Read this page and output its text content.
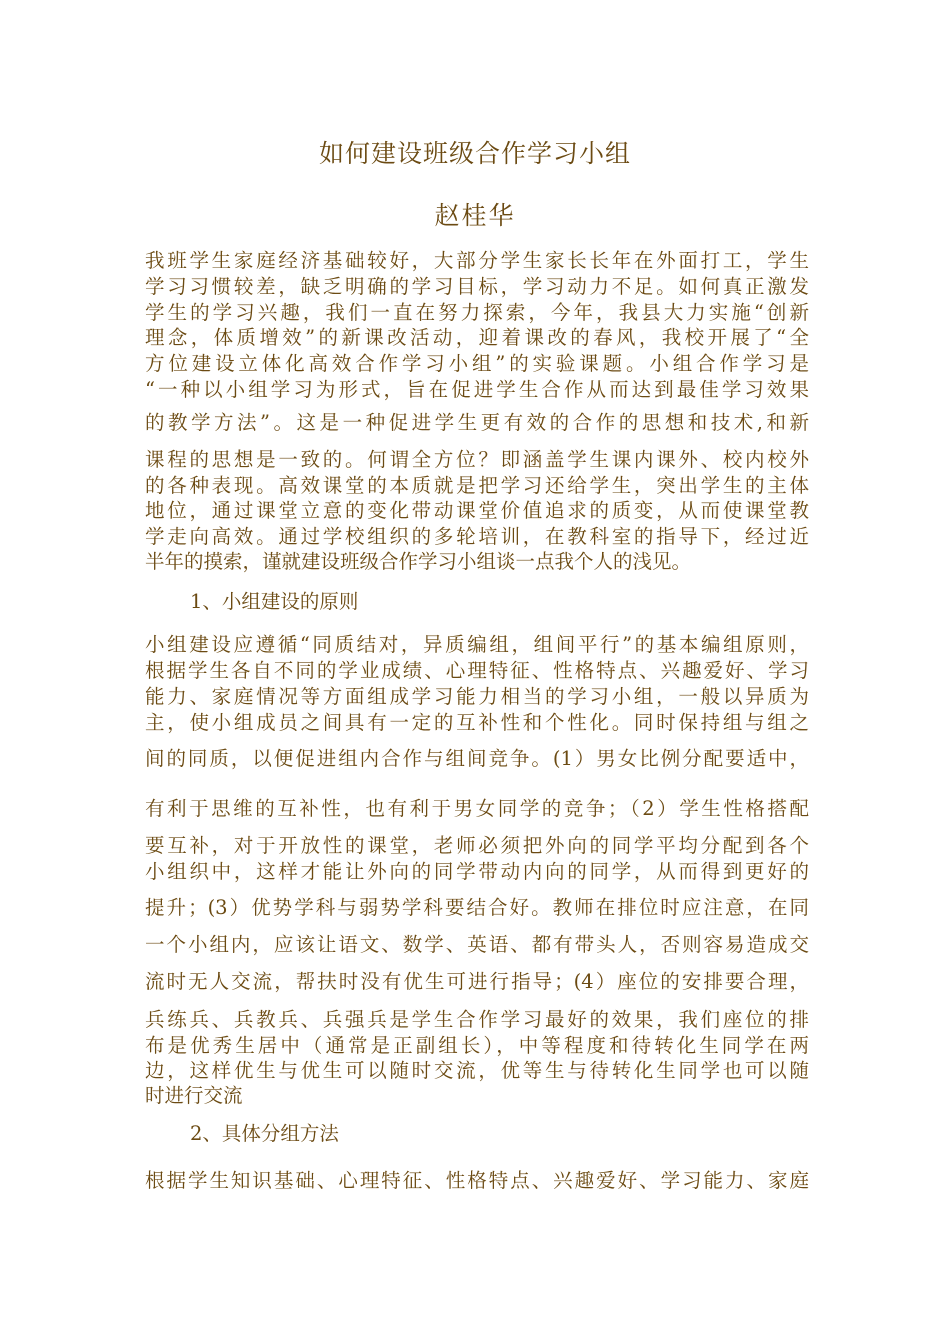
如何建设班级合作学习小组
赵桂华
我班学生家庭经济基础较好，大部分学生家长长年在外面打工，学生
学习习惯较差，缺乏明确的学习目标，学习动力不足。如何真正激发
学生的学习兴趣，我们一直在努力探索，今年，我县大力实施“创新
理念，体质增效”的新课改活动，迎着课改的春风，我校开展了“全
方位建设立体化高效合作学习小组”的实验课题。小组合作学习是
“一种以小组学习为形式，旨在促进学生合作从而达到最佳学习效果
的教学方法”。这是一种促进学生更有效的合作的思想和技术,和新
课程的思想是一致的。何谓全方位？即涵盖学生课内课外、校内校外
的各种表现。高效课堂的本质就是把学习还给学生，突出学生的主体
地位，通过课堂立意的变化带动课堂价值追求的质变，从而使课堂教
学走向高效。通过学校组织的多轮培训，在教科室的指导下，经过近
半年的摸索，谨就建设班级合作学习小组谈一点我个人的浅见。
1、小组建设的原则
小组建设应遵循“同质结对，异质编组，组间平行”的基本编组原则，
根据学生各自不同的学业成绩、心理特征、性格特点、兴趣爱好、学习
能力、家庭情况等方面组成学习能力相当的学习小组，一般以异质为
主，使小组成员之间具有一定的互补性和个性化。同时保持组与组之
间的同质，以便促进组内合作与组间竞争。(1）男女比例分配要适中，
有利于思维的互补性，也有利于男女同学的竞争；（2）学生性格搭配
要互补，对于开放性的课堂，老师必须把外向的同学平均分配到各个
小组织中，这样才能让外向的同学带动内向的同学，从而得到更好的
提升；(3）优势学科与弱势学科要结合好。教师在排位时应注意，在同
一个小组内，应该让语文、数学、英语、都有带头人，否则容易造成交
流时无人交流，帮扶时没有优生可进行指导；(4）座位的安排要合理，
兵练兵、兵教兵、兵强兵是学生合作学习最好的效果，我们座位的排
布是优秀生居中（通常是正副组长），中等程度和待转化生同学在两
边，这样优生与优生可以随时交流，优等生与待转化生同学也可以随
时进行交流
2、具体分组方法
根据学生知识基础、心理特征、性格特点、兴趣爱好、学习能力、家庭
